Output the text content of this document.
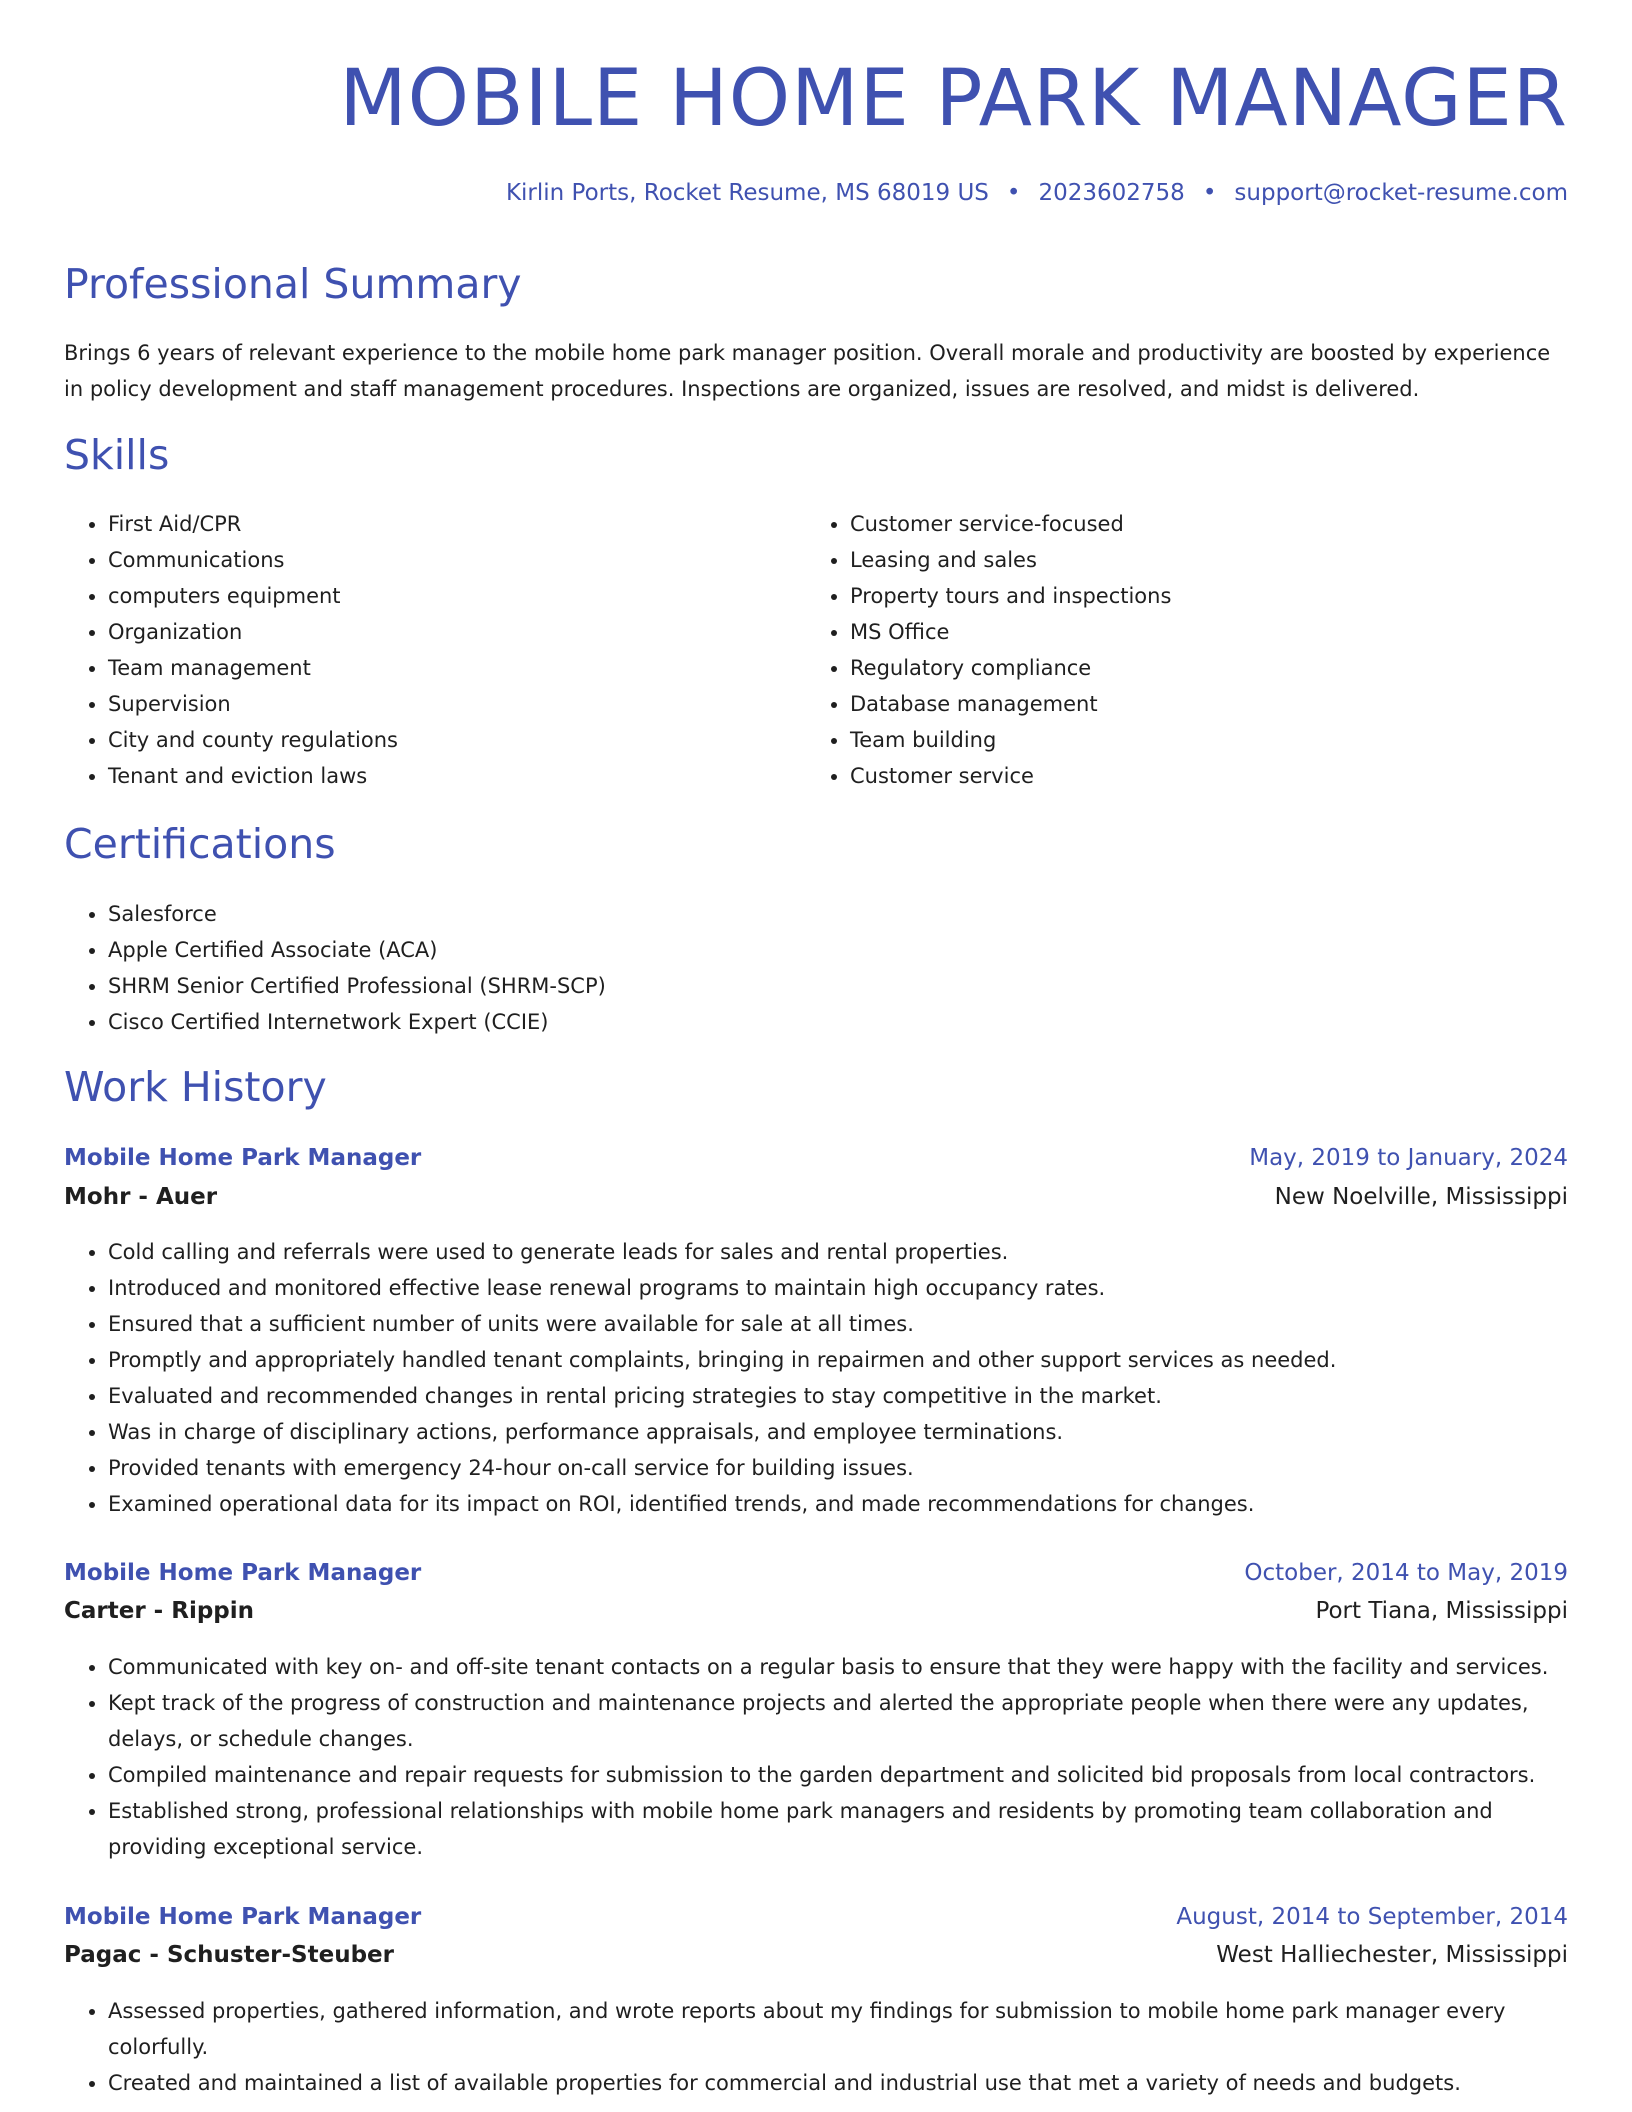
MOBILE HOME PARK MANAGER
Kirlin Ports, Rocket Resume, MS 68019 US • 2023602758 • support@rocket-resume.com
Professional Summary

Brings 6 years of relevant experience to the mobile home park manager position. Overall morale and productivity are boosted by experience in policy development and staff management procedures. Inspections are organized, issues are resolved, and midst is delivered.

Skills
• First Aid/CPR
• Communications
• computers equipment
• Organization
• Team management
• Supervision
• City and county regulations
• Tenant and eviction laws
• Customer service-focused
• Leasing and sales
• Property tours and inspections
• MS Office
• Regulatory compliance
• Database management
• Team building
• Customer service
Certifications
• Salesforce
• Apple Certified Associate (ACA)
• SHRM Senior Certified Professional (SHRM-SCP)
• Cisco Certified Internetwork Expert (CCIE)
Work History
Mobile Home Park Manager	May, 2019 to January, 2024
Mohr - Auer	New Noelville, Mississippi
• Cold calling and referrals were used to generate leads for sales and rental properties.
• Introduced and monitored effective lease renewal programs to maintain high occupancy rates.
• Ensured that a sufficient number of units were available for sale at all times.
• Promptly and appropriately handled tenant complaints, bringing in repairmen and other support services as needed.
• Evaluated and recommended changes in rental pricing strategies to stay competitive in the market.
• Was in charge of disciplinary actions, performance appraisals, and employee terminations.
• Provided tenants with emergency 24-hour on-call service for building issues.
• Examined operational data for its impact on ROI, identified trends, and made recommendations for changes.
Mobile Home Park Manager	October, 2014 to May, 2019
Carter - Rippin	Port Tiana, Mississippi
• Communicated with key on- and off-site tenant contacts on a regular basis to ensure that they were happy with the facility and services.
• Kept track of the progress of construction and maintenance projects and alerted the appropriate people when there were any updates, delays, or schedule changes.
• Compiled maintenance and repair requests for submission to the garden department and solicited bid proposals from local contractors.
• Established strong, professional relationships with mobile home park managers and residents by promoting team collaboration and providing exceptional service.
Mobile Home Park Manager	August, 2014 to September, 2014
Pagac - Schuster-Steuber	West Halliechester, Mississippi
• Assessed properties, gathered information, and wrote reports about my findings for submission to mobile home park manager every colorfully.
• Created and maintained a list of available properties for commercial and industrial use that met a variety of needs and budgets.
